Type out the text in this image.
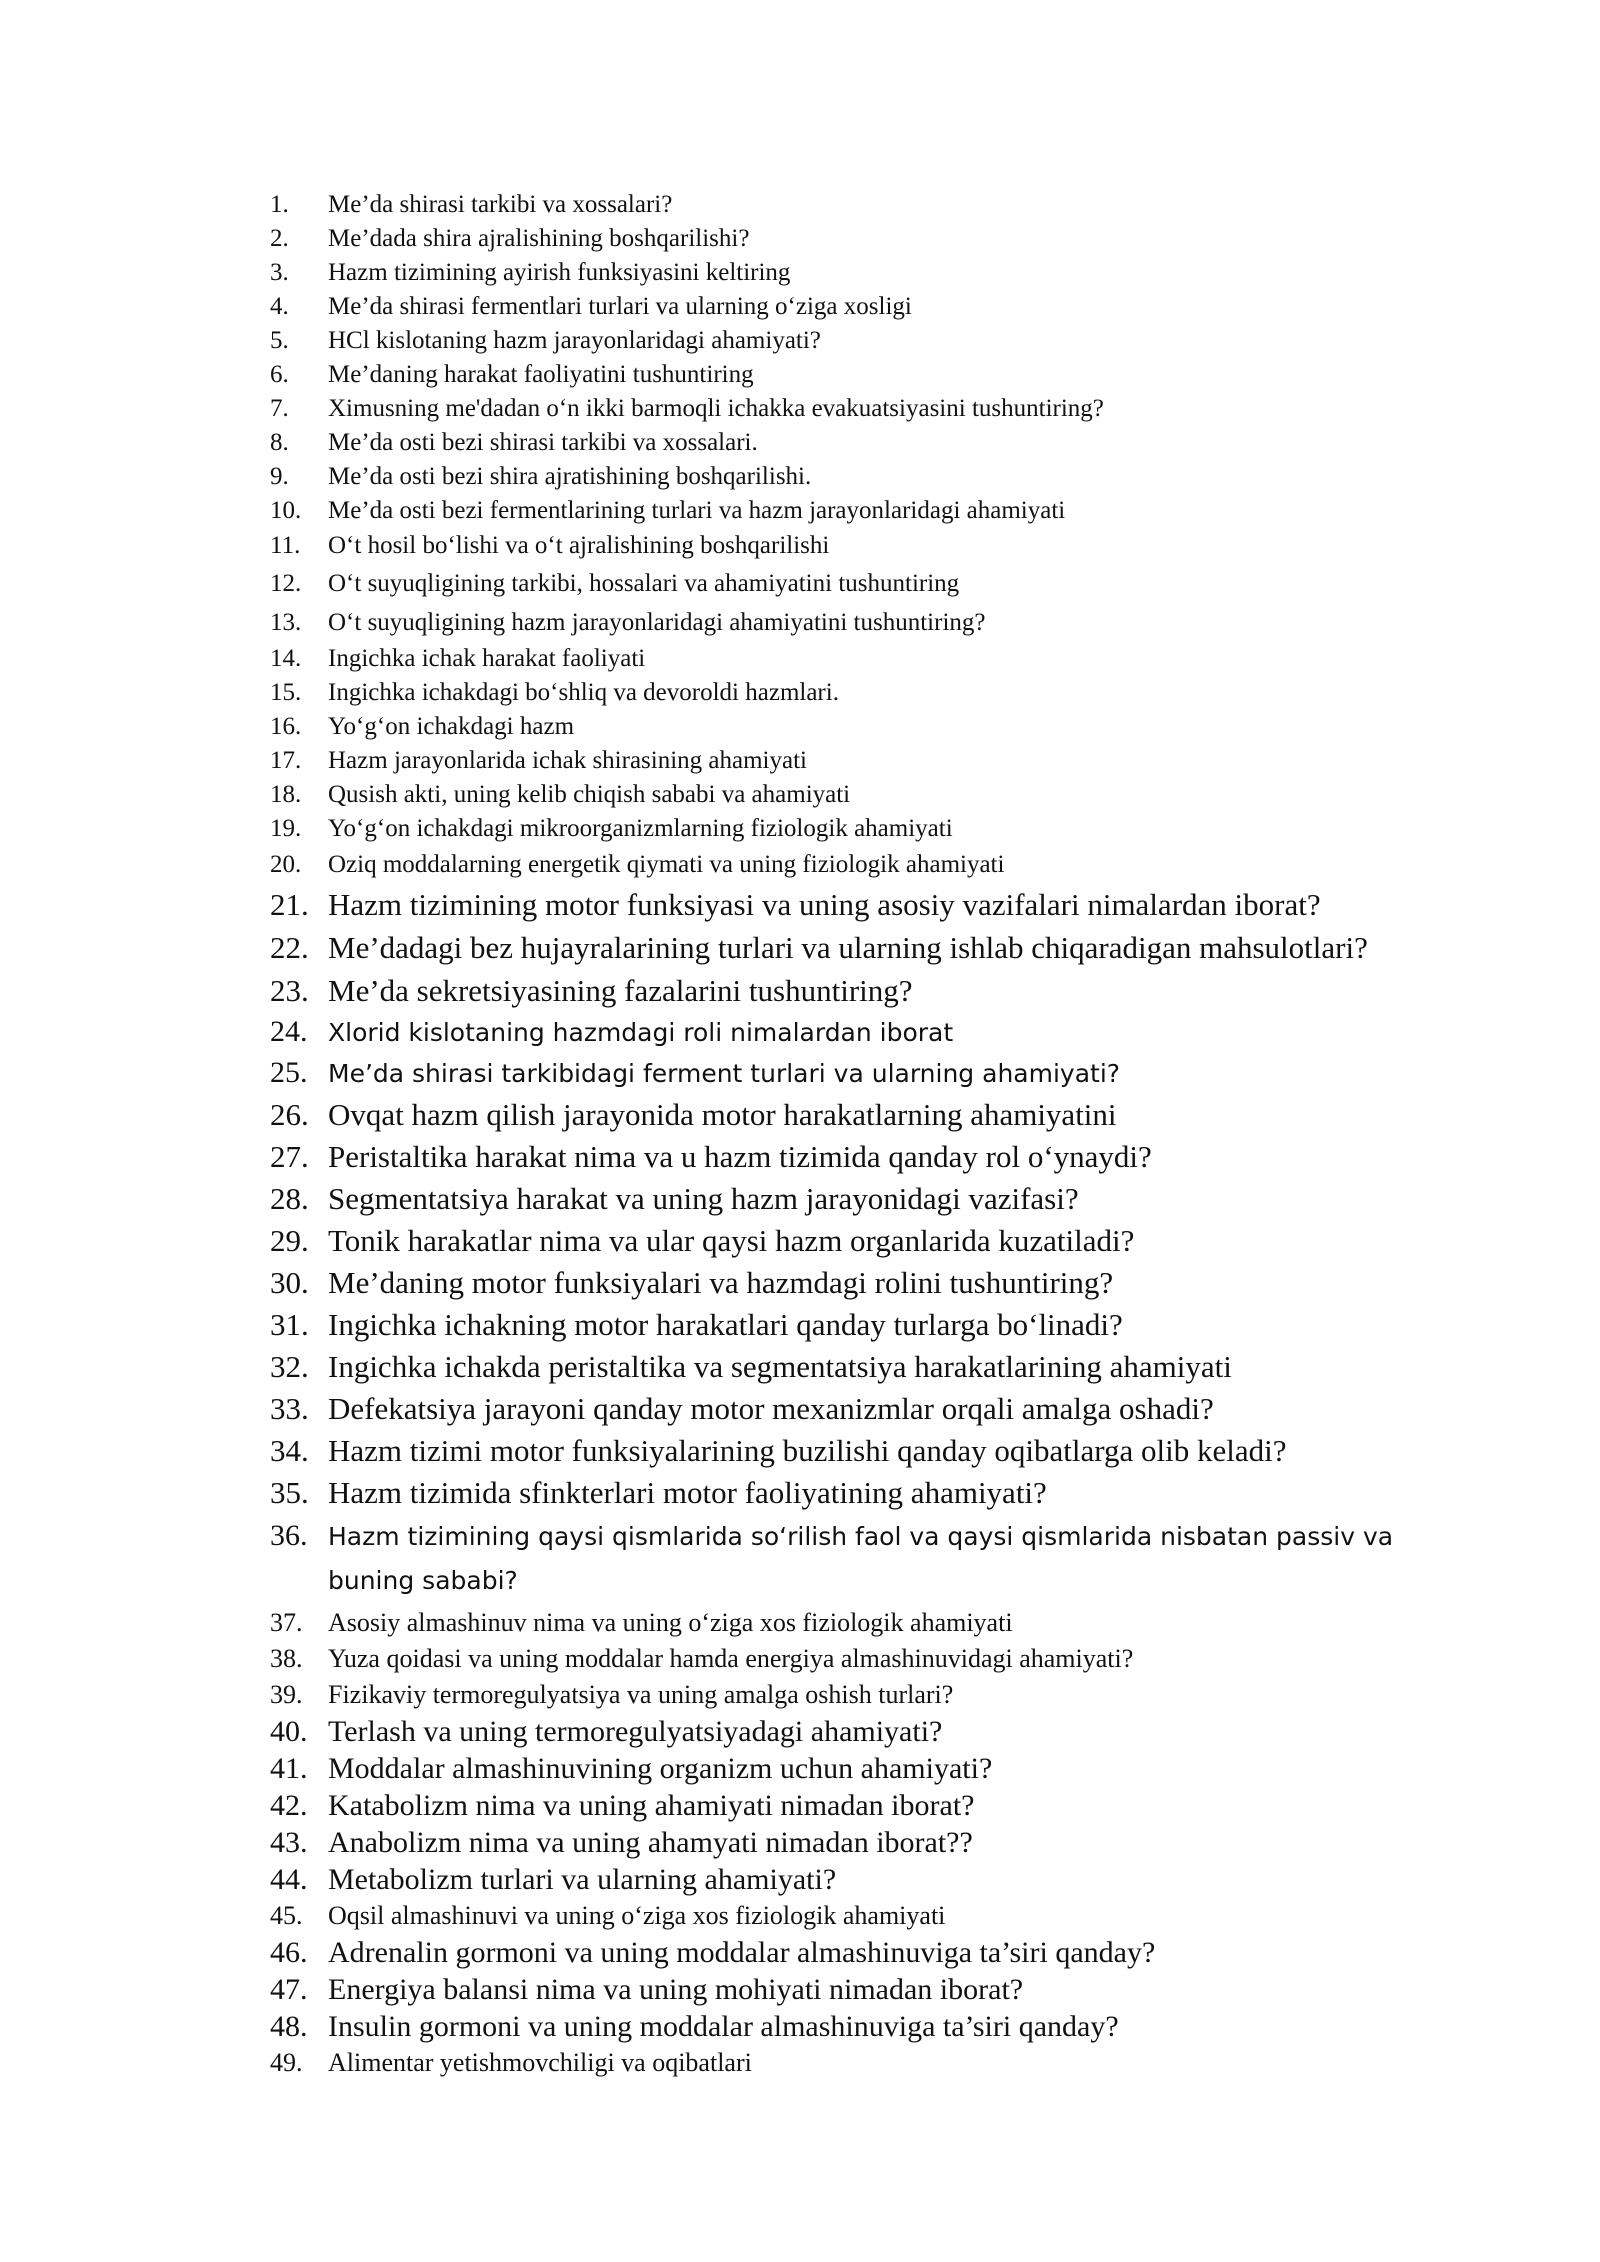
1.	Me’da shirasi tarkibi va xossalari?
2.	Me’dada shira ajralishining boshqarilishi?
3.	Hazm tizimining ayirish funksiyasini keltiring
4.	Me’da shirasi fermentlari turlari va ularning o‘ziga xosligi
5.	HCl kislotaning hazm jarayonlaridagi ahamiyati?
6.	Me’daning harakat faoliyatini tushuntiring
7.	Ximusning me'dadan o‘n ikki barmoqli ichakka evakuatsiyasini tushuntiring?
8.	Me’da osti bezi shirasi tarkibi va xossalari.
9.	Me’da osti bezi shira ajratishining boshqarilishi.
10.	Me’da osti bezi fermentlarining turlari va hazm jarayonlaridagi ahamiyati
11.	O‘t hosil bo‘lishi va o‘t ajralishining boshqarilishi
12.	O‘t suyuqligining tarkibi, hossalari va ahamiyatini tushuntiring
13.	O‘t suyuqligining hazm jarayonlaridagi ahamiyatini tushuntiring?
14.	Ingichka ichak harakat faoliyati
15.	Ingichka ichakdagi bo‘shliq va devoroldi hazmlari.
16.	Yo‘g‘on ichakdagi hazm
17.	Hazm jarayonlarida ichak shirasining ahamiyati
18.	Qusish akti, uning kelib chiqish sababi va ahamiyati
19.	Yo‘g‘on ichakdagi mikroorganizmlarning fiziologik ahamiyati
20.	Oziq moddalarning energetik qiymati va uning fiziologik ahamiyati
21. Hazm tizimining motor funksiyasi va uning asosiy vazifalari nimalardan iborat?
22. Me’dadagi bez hujayralarining turlari va ularning ishlab chiqaradigan mahsulotlari?
23. Me’da sekretsiyasining fazalarini tushuntiring?
24. Xlorid kislotaning hazmdagi roli nimalardan iborat
25. Me’da shirasi tarkibidagi ferment turlari va ularning ahamiyati?
26. Ovqat hazm qilish jarayonida motor harakatlarning ahamiyatini
27. Peristaltika harakat nima va u hazm tizimida qanday rol o‘ynaydi?
28. Segmentatsiya harakat va uning hazm jarayonidagi vazifasi?
29. Tonik harakatlar nima va ular qaysi hazm organlarida kuzatiladi?
30. Me’daning motor funksiyalari va hazmdagi rolini tushuntiring?
31. Ingichka ichakning motor harakatlari qanday turlarga bo‘linadi?
32. Ingichka ichakda peristaltika va segmentatsiya harakatlarining ahamiyati
33. Defekatsiya jarayoni qanday motor mexanizmlar orqali amalga oshadi?
34. Hazm tizimi motor funksiyalarining buzilishi qanday oqibatlarga olib keladi?
35. Hazm tizimida sfinkterlari motor faoliyatining ahamiyati?
36. Hazm tizimining qaysi qismlarida so‘rilish faol va qaysi qismlarida nisbatan passiv va buning sababi?
37. Asosiy almashinuv nima va uning o‘ziga xos fiziologik ahamiyati
38. Yuza qoidasi va uning moddalar hamda energiya almashinuvidagi ahamiyati?
39. Fizikaviy termoregulyatsiya va uning amalga oshish turlari?
40. Terlash va uning termoregulyatsiyadagi ahamiyati?
41. Moddalar almashinuvining organizm uchun ahamiyati?
42. Katabolizm nima va uning ahamiyati nimadan iborat?
43. Anabolizm nima va uning ahamyati nimadan iborat??
44. Metabolizm turlari va ularning ahamiyati?
45. Oqsil almashinuvi va uning o‘ziga xos fiziologik ahamiyati
46. Adrenalin gormoni va uning moddalar almashinuviga ta’siri qanday?
47. Energiya balansi nima va uning mohiyati nimadan iborat?
48. Insulin gormoni va uning moddalar almashinuviga ta’siri qanday?
49. Alimentar yetishmovchiligi va oqibatlari
